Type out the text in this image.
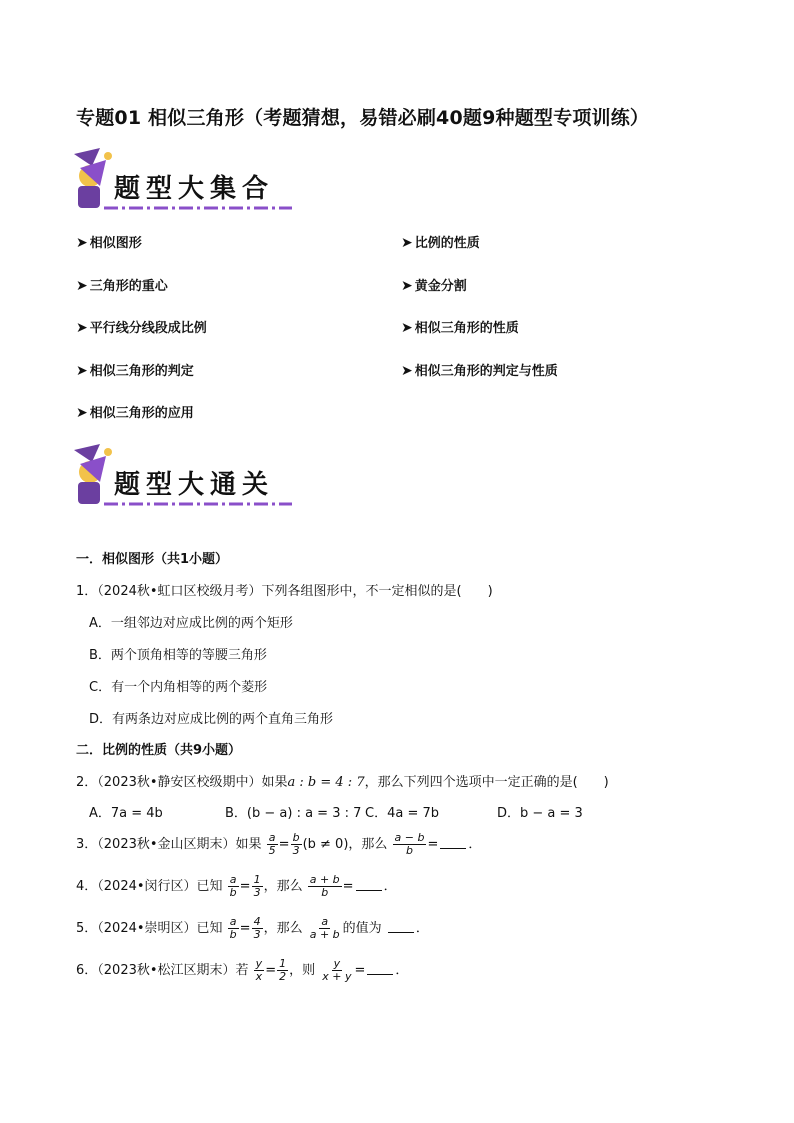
专题01 相似三角形（考题猜想，易错必刷40题9种题型专项训练）
题型大集合
➤ 相似图形	➤ 比例的性质
➤ 三角形的重心	➤ 黄金分割
➤ 平行线分线段成比例	➤ 相似三角形的性质
➤ 相似三角形的判定	➤ 相似三角形的判定与性质
➤ 相似三角形的应用
题型大通关
一．相似图形（共1小题）
1．（2024秋•虹口区校级月考）下列各组图形中，不一定相似的是(　　)
A．一组邻边对应成比例的两个矩形
B．两个顶角相等的等腰三角形
C．有一个内角相等的两个菱形
D．有两条边对应成比例的两个直角三角形
二．比例的性质（共9小题）
2．（2023秋•静安区校级期中）如果a : b = 4 : 7，那么下列四个选项中一定正确的是(　　)
A．7a = 4b	B．(b − a) : a = 3 : 7 C．4a = 7b	D．b − a = 3
3．（2023秋•金山区期末）如果 $\frac{a}{5} = \frac{b}{3} (b \ne 0)$，那么 $\frac{a - b}{b}$ = ．
4．（2024•闵行区）已知 $\frac{a}{b} = \frac{1}{3}$ ，那么 $\frac{a + b}{b}$ = ．
5．（2024•崇明区）已知 $\frac{a}{b} = \frac{4}{3}$ ，那么 $\frac{a}{a + b}$ 的值为	．
6．（2023秋•松江区期末）若 $\frac{y}{x} = \frac{1}{2}$ ，则 $\frac{y}{x + y}$ = ．
